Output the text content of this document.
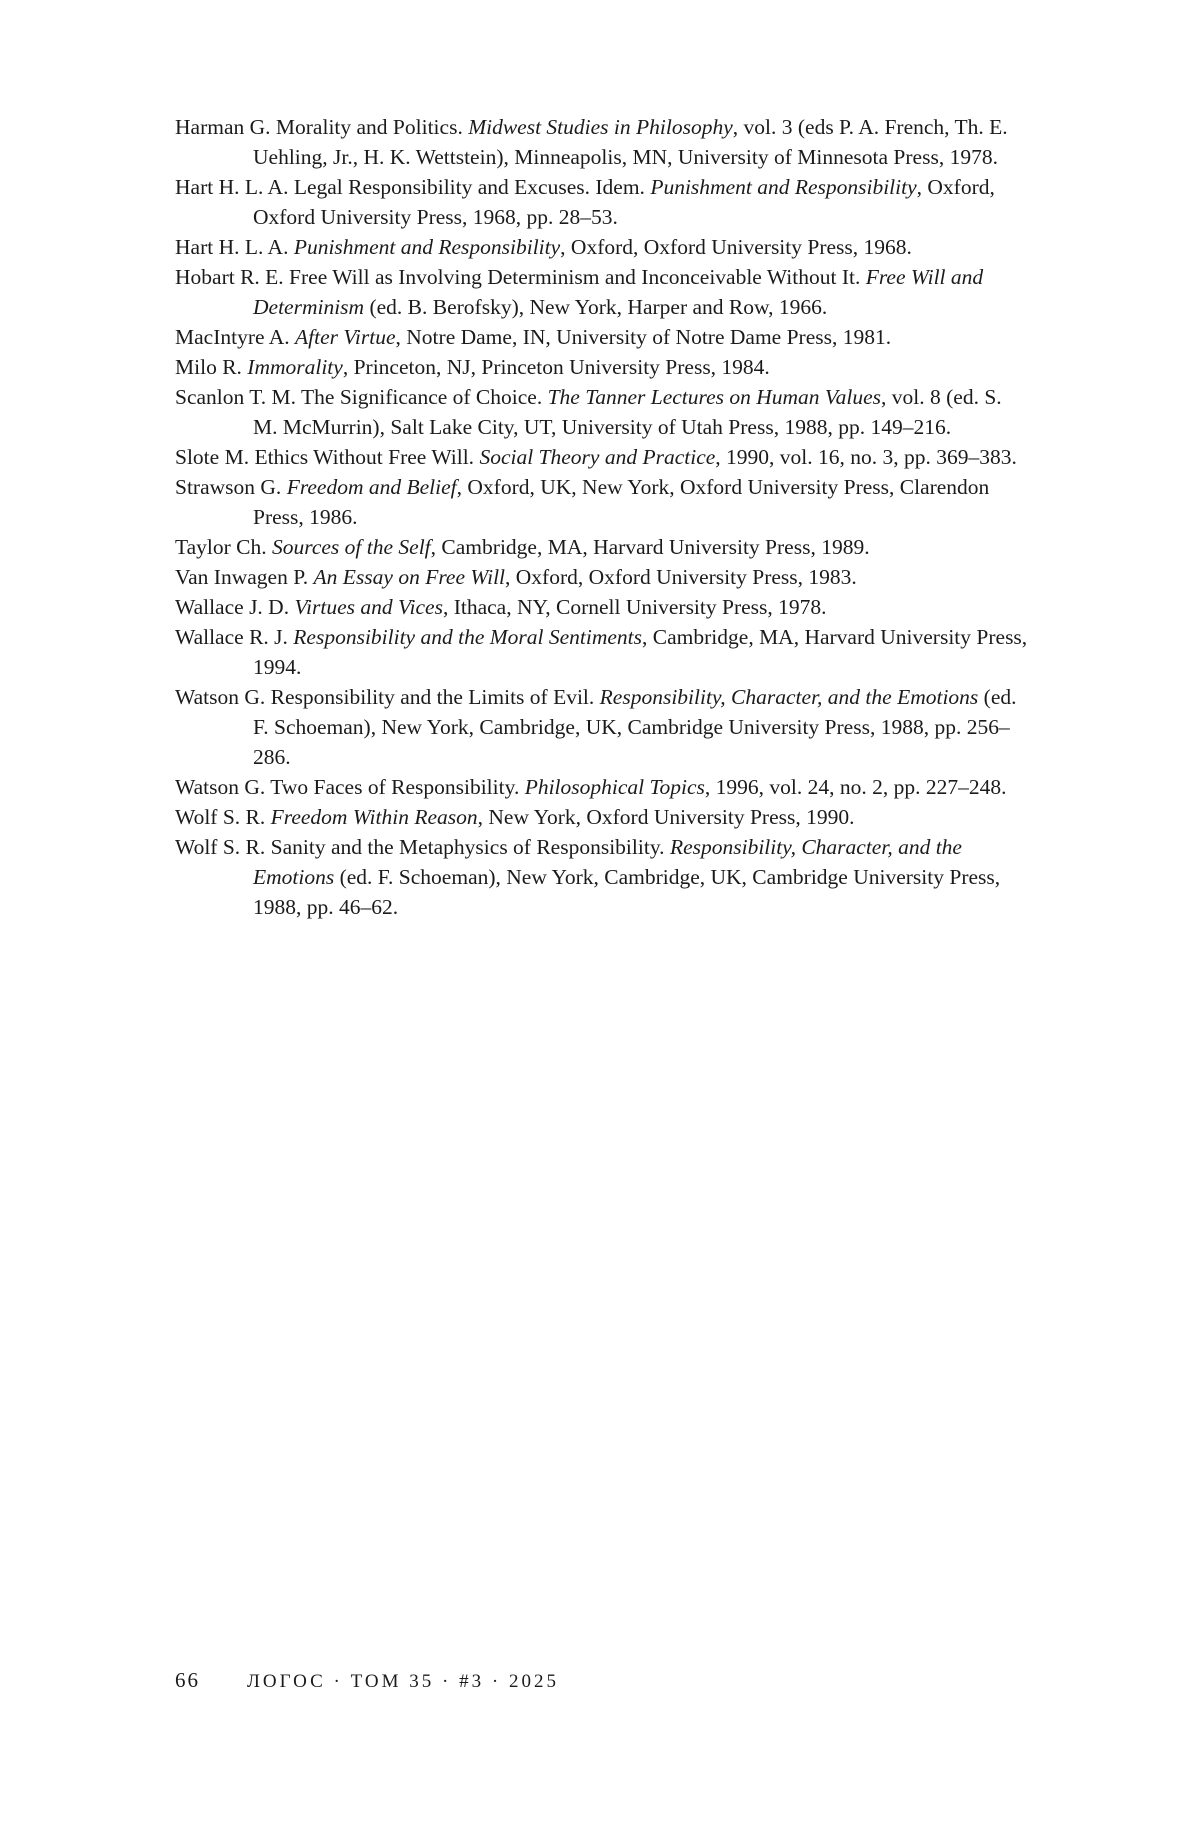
Harman G. Morality and Politics. Midwest Studies in Philosophy, vol. 3 (eds P. A. French, Th. E. Uehling, Jr., H. K. Wettstein), Minneapolis, MN, University of Minnesota Press, 1978.
Hart H. L. A. Legal Responsibility and Excuses. Idem. Punishment and Responsibility, Oxford, Oxford University Press, 1968, pp. 28–53.
Hart H. L. A. Punishment and Responsibility, Oxford, Oxford University Press, 1968.
Hobart R. E. Free Will as Involving Determinism and Inconceivable Without It. Free Will and Determinism (ed. B. Berofsky), New York, Harper and Row, 1966.
MacIntyre A. After Virtue, Notre Dame, IN, University of Notre Dame Press, 1981.
Milo R. Immorality, Princeton, NJ, Princeton University Press, 1984.
Scanlon T. M. The Significance of Choice. The Tanner Lectures on Human Values, vol. 8 (ed. S. M. McMurrin), Salt Lake City, UT, University of Utah Press, 1988, pp. 149–216.
Slote M. Ethics Without Free Will. Social Theory and Practice, 1990, vol. 16, no. 3, pp. 369–383.
Strawson G. Freedom and Belief, Oxford, UK, New York, Oxford University Press, Clarendon Press, 1986.
Taylor Ch. Sources of the Self, Cambridge, MA, Harvard University Press, 1989.
Van Inwagen P. An Essay on Free Will, Oxford, Oxford University Press, 1983.
Wallace J. D. Virtues and Vices, Ithaca, NY, Cornell University Press, 1978.
Wallace R. J. Responsibility and the Moral Sentiments, Cambridge, MA, Harvard University Press, 1994.
Watson G. Responsibility and the Limits of Evil. Responsibility, Character, and the Emotions (ed. F. Schoeman), New York, Cambridge, UK, Cambridge University Press, 1988, pp. 256–286.
Watson G. Two Faces of Responsibility. Philosophical Topics, 1996, vol. 24, no. 2, pp. 227–248.
Wolf S. R. Freedom Within Reason, New York, Oxford University Press, 1990.
Wolf S. R. Sanity and the Metaphysics of Responsibility. Responsibility, Character, and the Emotions (ed. F. Schoeman), New York, Cambridge, UK, Cambridge University Press, 1988, pp. 46–62.
66 ЛОГОС · ТОМ 35 · #3 · 2025
